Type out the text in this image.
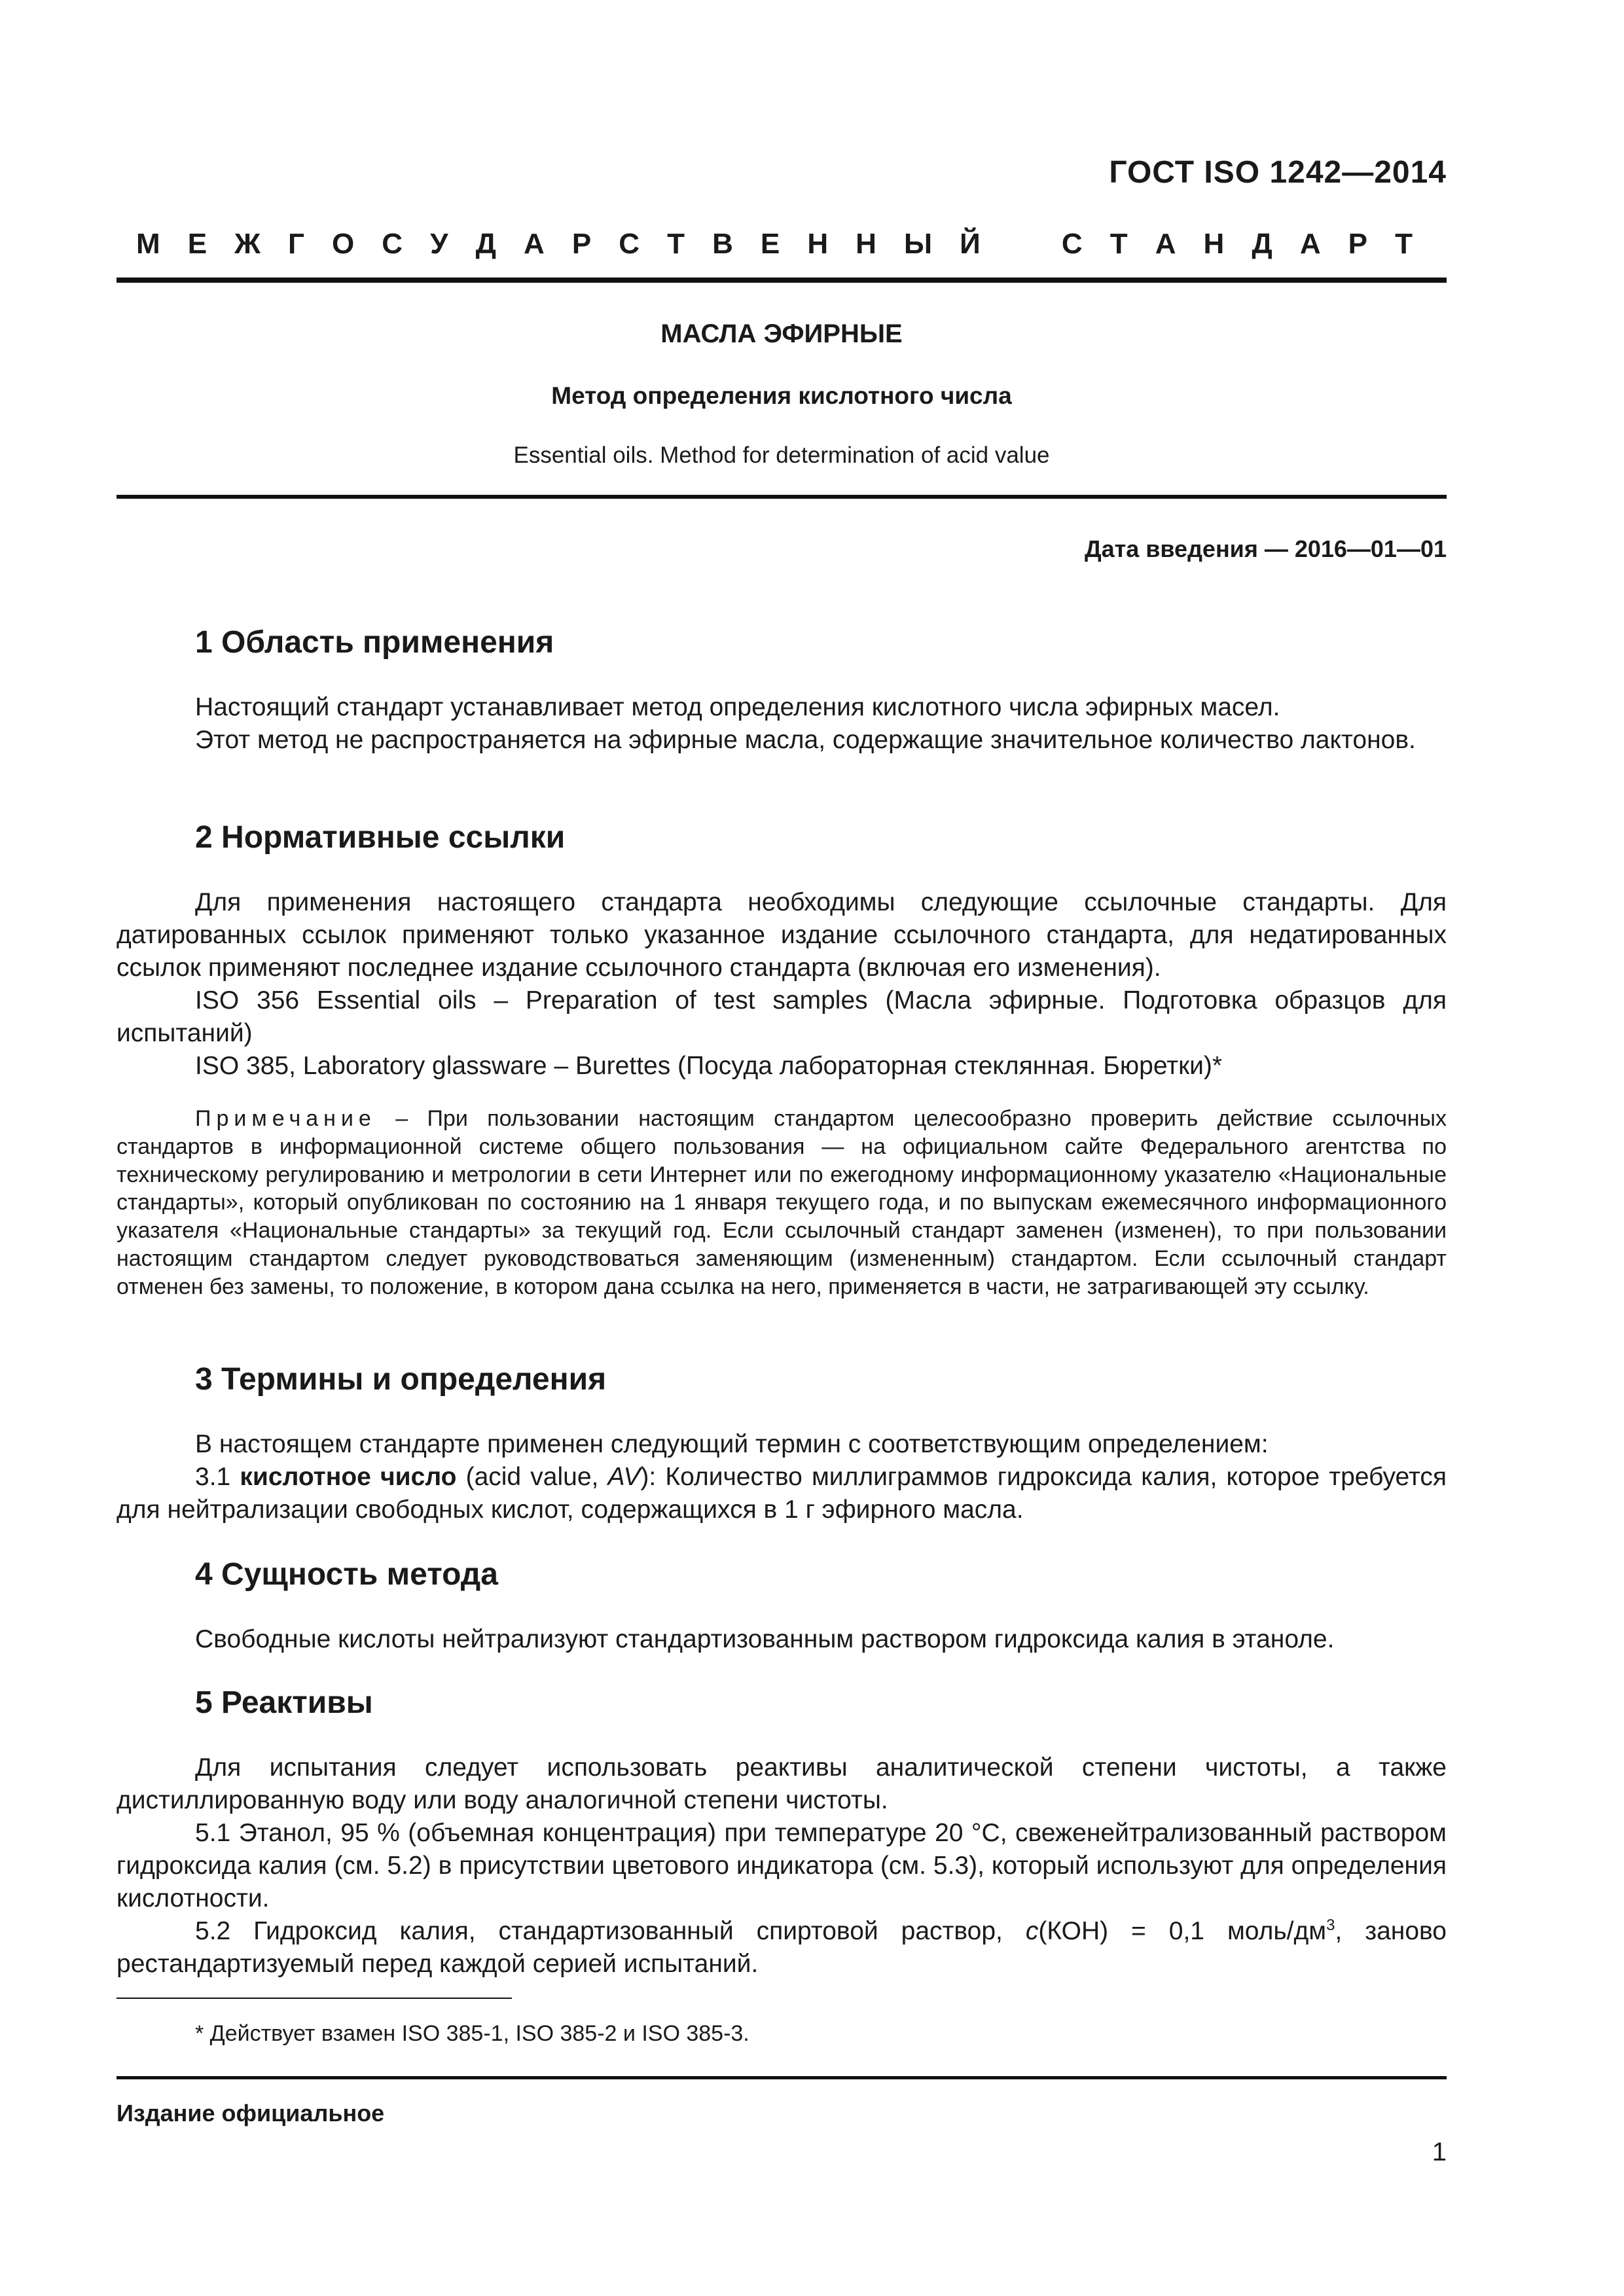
ГОСТ ISO 1242—2014
М Е Ж Г О С У Д А Р С Т В Е Н Н Ы Й	С Т А Н Д А Р Т
МАСЛА ЭФИРНЫЕ
Метод определения кислотного числа
Essential oils. Method for determination of acid value
Дата введения — 2016—01—01
1 Область применения

Настоящий стандарт устанавливает метод определения кислотного числа эфирных масел.

Этот метод не распространяется на эфирные масла, содержащие значительное количество лактонов.

2 Нормативные ссылки

Для применения настоящего стандарта необходимы следующие ссылочные стандарты. Для датированных ссылок применяют только указанное издание ссылочного стандарта, для недатированных ссылок применяют последнее издание ссылочного стандарта (включая его изменения).

ISO 356 Essential oils – Preparation of test samples (Масла эфирные. Подготовка образцов для испытаний)

ISO 385, Laboratory glassware – Burettes (Посуда лабораторная стеклянная. Бюретки)*

Примечание – При пользовании настоящим стандартом целесообразно проверить действие ссылочных стандартов в информационной системе общего пользования — на официальном сайте Федерального агентства по техническому регулированию и метрологии в сети Интернет или по ежегодному информационному указателю «Национальные стандарты», который опубликован по состоянию на 1 января текущего года, и по выпускам ежемесячного информационного указателя «Национальные стандарты» за текущий год. Если ссылочный стандарт заменен (изменен), то при пользовании настоящим стандартом следует руководствоваться заменяющим (измененным) стандартом. Если ссылочный стандарт отменен без замены, то положение, в котором дана ссылка на него, применяется в части, не затрагивающей эту ссылку.

3 Термины и определения

В настоящем стандарте применен следующий термин с соответствующим определением:

3.1 кислотное число (acid value, AV): Количество миллиграммов гидроксида калия, которое требуется для нейтрализации свободных кислот, содержащихся в 1 г эфирного масла.

4 Сущность метода

Свободные кислоты нейтрализуют стандартизованным раствором гидроксида калия в этаноле.

5 Реактивы

Для испытания следует использовать реактивы аналитической степени чистоты, а также дистиллированную воду или воду аналогичной степени чистоты.

5.1 Этанол, 95 % (объемная концентрация) при температуре 20 °С, свеженейтрализованный раствором гидроксида калия (см. 5.2) в присутствии цветового индикатора (см. 5.3), который используют для определения кислотности.

5.2 Гидроксид калия, стандартизованный спиртовой раствор, c(КОН) = 0,1 моль/$дм^3$, заново рестандартизуемый перед каждой серией испытаний.

* Действует взамен ISO 385-1, ISO 385-2 и ISO 385-3.
Издание официальное
1
